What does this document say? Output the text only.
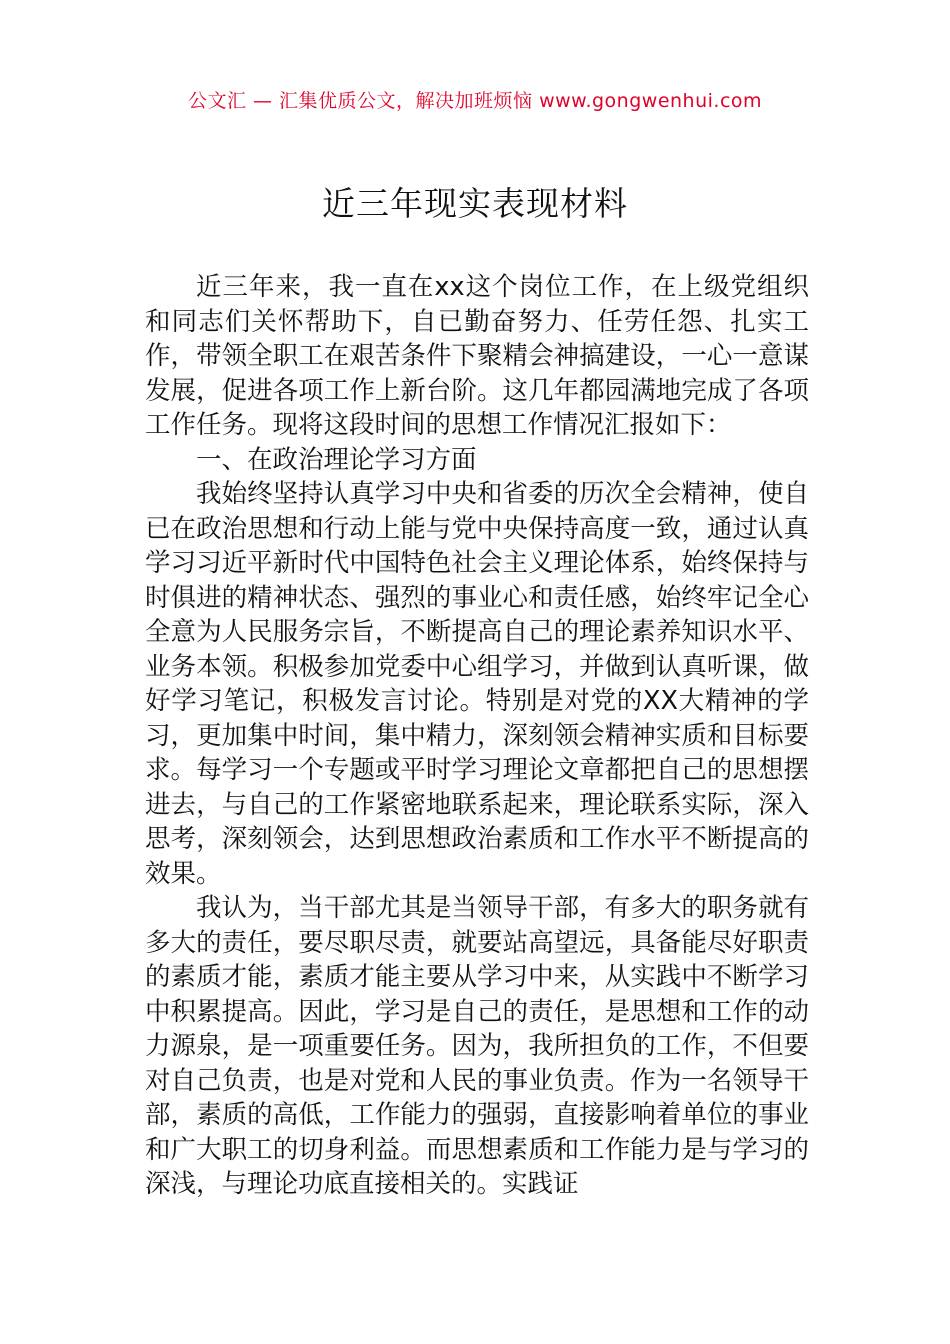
公文汇 — 汇集优质公文，解决加班烦恼 www.gongwenhui.com
近三年现实表现材料

近三年来，我一直在xx这个岗位工作，在上级党组织和同志们关怀帮助下，自已勤奋努力、任劳任怨、扎实工作，带领全职工在艰苦条件下聚精会神搞建设，一心一意谋发展，促进各项工作上新台阶。这几年都园满地完成了各项工作任务。现将这段时间的思想工作情况汇报如下：

一、在政治理论学习方面

我始终坚持认真学习中央和省委的历次全会精神，使自已在政治思想和行动上能与党中央保持高度一致，通过认真学习习近平新时代中国特色社会主义理论体系，始终保持与时俱进的精神状态、强烈的事业心和责任感，始终牢记全心全意为人民服务宗旨，不断提高自己的理论素养知识水平、业务本领。积极参加党委中心组学习，并做到认真听课，做好学习笔记，积极发言讨论。特别是对党的XX大精神的学习，更加集中时间，集中精力，深刻领会精神实质和目标要求。每学习一个专题或平时学习理论文章都把自己的思想摆进去，与自己的工作紧密地联系起来，理论联系实际，深入思考，深刻领会，达到思想政治素质和工作水平不断提高的效果。

我认为，当干部尤其是当领导干部，有多大的职务就有多大的责任，要尽职尽责，就要站高望远，具备能尽好职责的素质才能，素质才能主要从学习中来，从实践中不断学习中积累提高。因此，学习是自己的责任，是思想和工作的动力源泉，是一项重要任务。因为，我所担负的工作，不但要对自己负责，也是对党和人民的事业负责。作为一名领导干部，素质的高低，工作能力的强弱，直接影响着单位的事业和广大职工的切身利益。而思想素质和工作能力是与学习的深浅，与理论功底直接相关的。实践证
